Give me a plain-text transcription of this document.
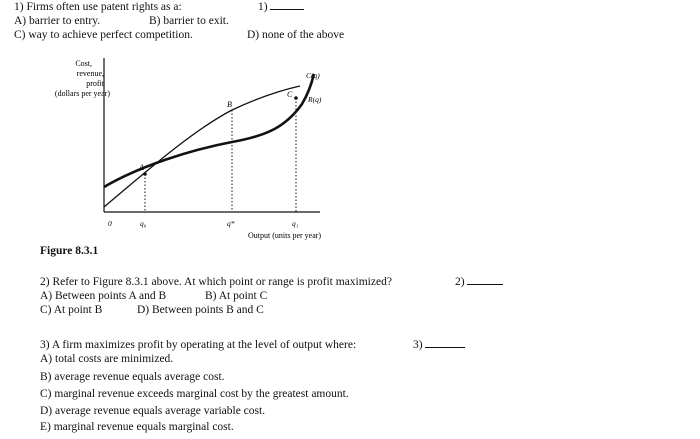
1) Firms often use patent rights as a:	1)
A) barrier to entry.	B) barrier to exit.
C) way to achieve perfect competition.	D) none of the above
Cost,
revenue,
profit
(dollars per year)
A
B
C
C(q)
R(q)
0	q₀	q*	q₁
Output (units per year)
Figure 8.3.1
2) Refer to Figure 8.3.1 above. At which point or range is profit maximized?	2)
A) Between points A and B	B) At point C
C) At point B	D) Between points B and C
3) A firm maximizes profit by operating at the level of output where:	3)
A) total costs are minimized.
B) average revenue equals average cost.
C) marginal revenue exceeds marginal cost by the greatest amount.
D) average revenue equals average variable cost.
E) marginal revenue equals marginal cost.
